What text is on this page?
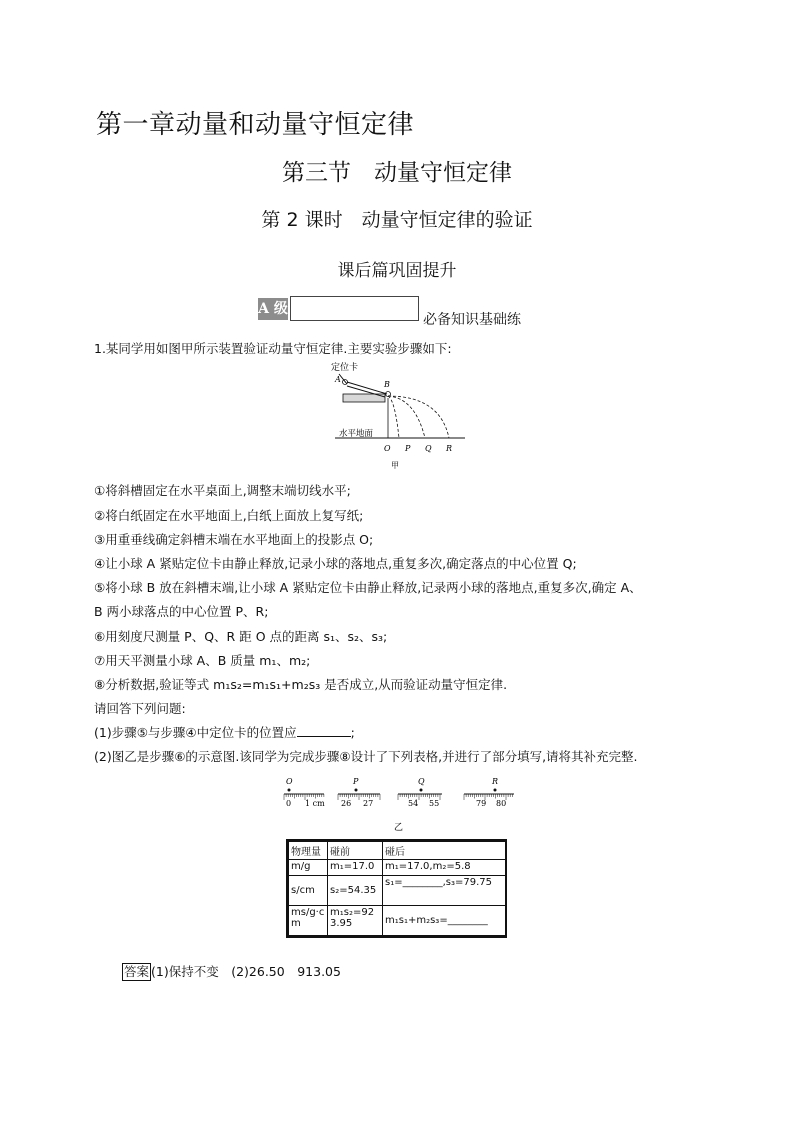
第一章动量和动量守恒定律
第三节　动量守恒定律
第 2 课时　动量守恒定律的验证
课后篇巩固提升
A 级
必备知识基础练
1.某同学用如图甲所示装置验证动量守恒定律.主要实验步骤如下:
定位卡
A
B
水平地面
O P Q R
甲
①将斜槽固定在水平桌面上,调整末端切线水平;
②将白纸固定在水平地面上,白纸上面放上复写纸;
③用重垂线确定斜槽末端在水平地面上的投影点 O;
④让小球 A 紧贴定位卡由静止释放,记录小球的落地点,重复多次,确定落点的中心位置 Q;
⑤将小球 B 放在斜槽末端,让小球 A 紧贴定位卡由静止释放,记录两小球的落地点,重复多次,确定 A、
B 两小球落点的中心位置 P、R;
⑥用刻度尺测量 P、Q、R 距 O 点的距离 s₁、s₂、s₃;
⑦用天平测量小球 A、B 质量 m₁、m₂;
⑧分析数据,验证等式 m₁s₂=m₁s₁+m₂s₃ 是否成立,从而验证动量守恒定律.
请回答下列问题:
(1)步骤⑤与步骤④中定位卡的位置应	;
(2)图乙是步骤⑥的示意图.该同学为完成步骤⑧设计了下列表格,并进行了部分填写,请将其补充完整.
O	P	Q	R
0 1 cm 26 27	54 55	79 80
乙
物理量	碰前	碰后
m/g	m₁=17.0	m₁=17.0,m₂=5.8
s/cm	s₂=54.35	s₁=________,s₃=79.75
ms/g·cm	m₁s₂=923.95	m₁s₁+m₂s₃=________
答案 (1)保持不变　(2)26.50　913.05
